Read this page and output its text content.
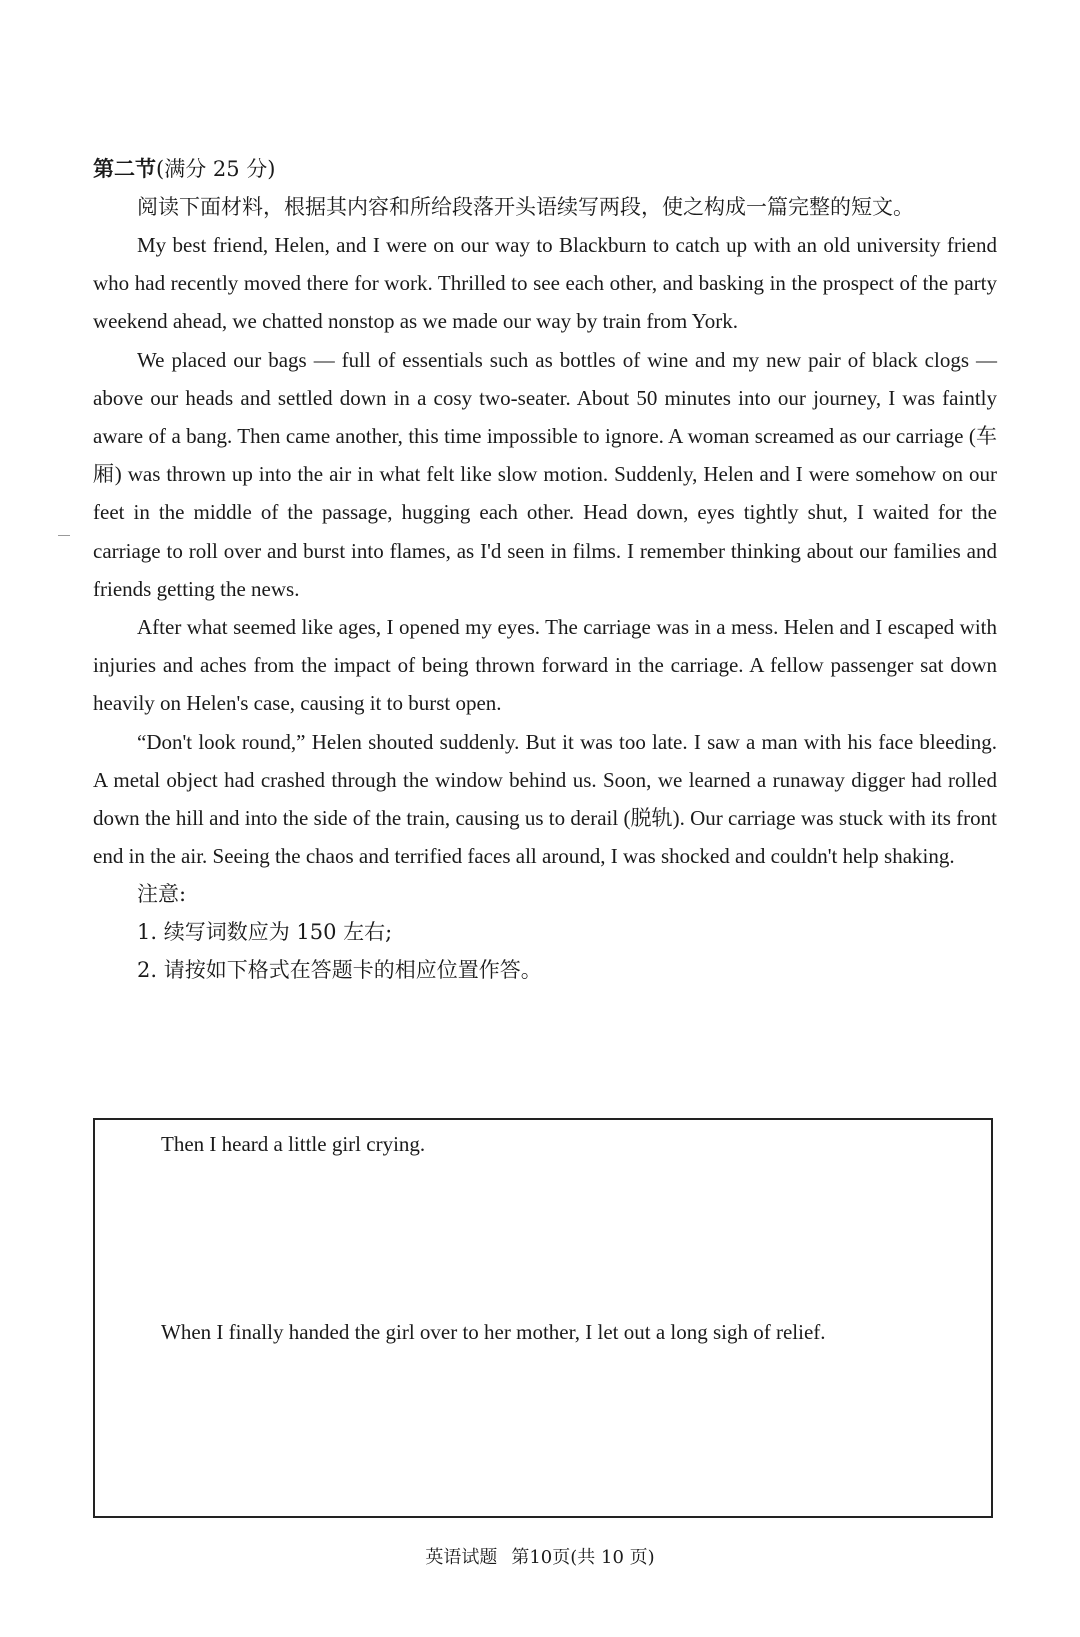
第二节(满分 25 分)

阅读下面材料，根据其内容和所给段落开头语续写两段，使之构成一篇完整的短文。

My best friend, Helen, and I were on our way to Blackburn to catch up with an old university friend who had recently moved there for work. Thrilled to see each other, and basking in the prospect of the party weekend ahead, we chatted nonstop as we made our way by train from York.

We placed our bags — full of essentials such as bottles of wine and my new pair of black clogs — above our heads and settled down in a cosy two-seater. About 50 minutes into our journey, I was faintly aware of a bang. Then came another, this time impossible to ignore. A woman screamed as our carriage (车厢) was thrown up into the air in what felt like slow motion. Suddenly, Helen and I were somehow on our feet in the middle of the passage, hugging each other. Head down, eyes tightly shut, I waited for the carriage to roll over and burst into flames, as I'd seen in films. I remember thinking about our families and friends getting the news.

After what seemed like ages, I opened my eyes. The carriage was in a mess. Helen and I escaped with injuries and aches from the impact of being thrown forward in the carriage. A fellow passenger sat down heavily on Helen's case, causing it to burst open.

“Don't look round,” Helen shouted suddenly. But it was too late. I saw a man with his face bleeding. A metal object had crashed through the window behind us. Soon, we learned a runaway digger had rolled down the hill and into the side of the train, causing us to derail (脱轨). Our carriage was stuck with its front end in the air. Seeing the chaos and terrified faces all around, I was shocked and couldn't help shaking.

注意:

1. 续写词数应为 150 左右;

2. 请按如下格式在答题卡的相应位置作答。

Then I heard a little girl crying.

When I finally handed the girl over to her mother, I let out a long sigh of relief.

英语试题 第10页(共 10 页)
